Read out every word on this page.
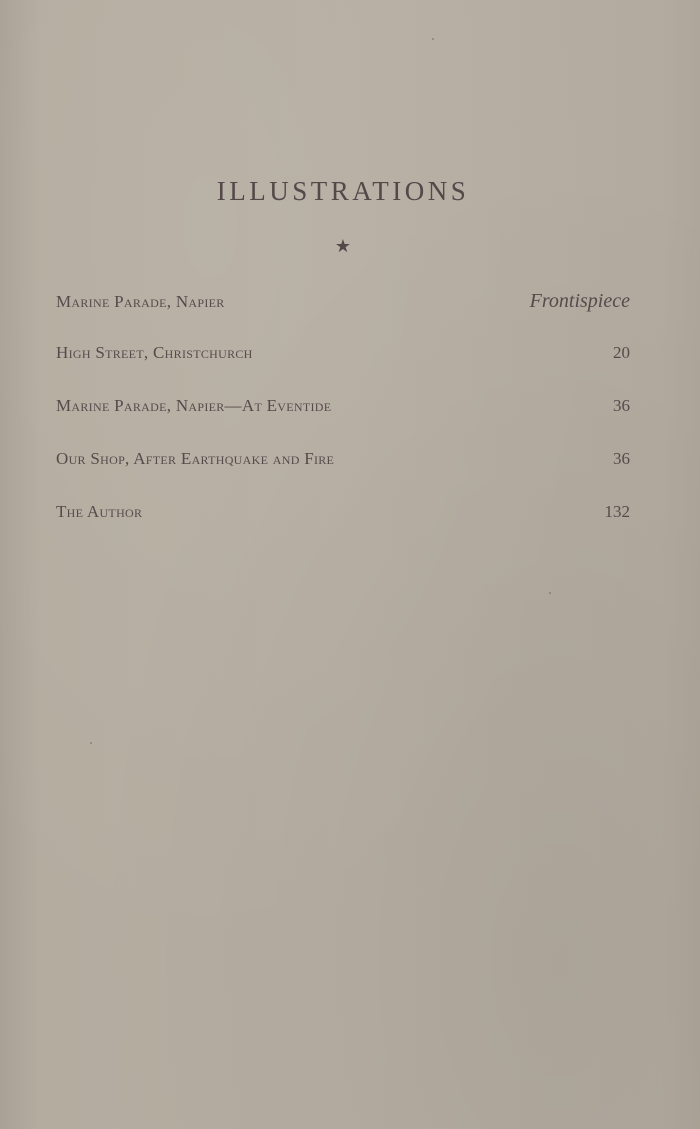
ILLUSTRATIONS
★
Marine Parade, Napier	Frontispiece
High Street, Christchurch	20
Marine Parade, Napier—At Eventide	36
Our Shop, After Earthquake and Fire	36
The Author	132
